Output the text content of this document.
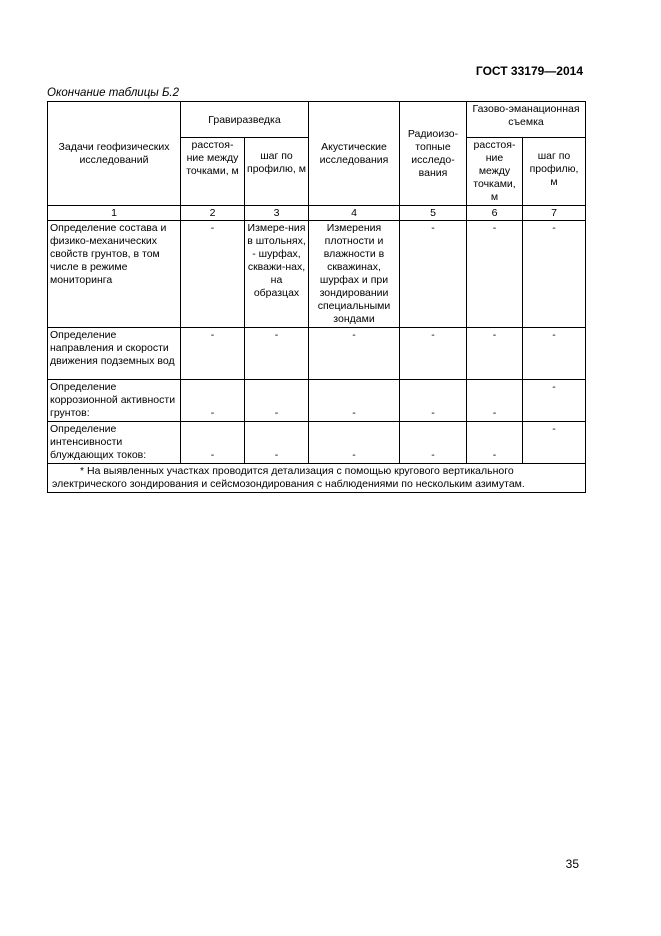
ГОСТ 33179—2014
Окончание таблицы Б.2
Задачи геофизических исследований	Гравиразведка		Акустические исследования	Радиоизо-топные исследо-вания	Газово-эманационная съемка	
	расстоя-ние между точками, м	шаг по профилю, м			расстоя-ние между точками, м	шаг по профилю, м
1	2	3	4	5	6	7
Определение состава и физико-механических свойств грунтов, в том числе в режиме мониторинга	-	Измере-ния в штольнях, - шурфах, скважи-нах, на образцах	Измерения плотности и влажности в скважинах, шурфах и при зондировании специальными зондами	-	-	-
Определение направления и скорости движения подземных вод	-	-	-	-	-	-
Определение коррозионной активности грунтов:	-	-	-	-	-	-
Определение интенсивности блуждающих токов:	-	-	-	-	-	-
* На выявленных участках проводится детализация с помощью кругового вертикального электрического зондирования и сейсмозондирования с наблюдениями по нескольким азимутам.						
35
